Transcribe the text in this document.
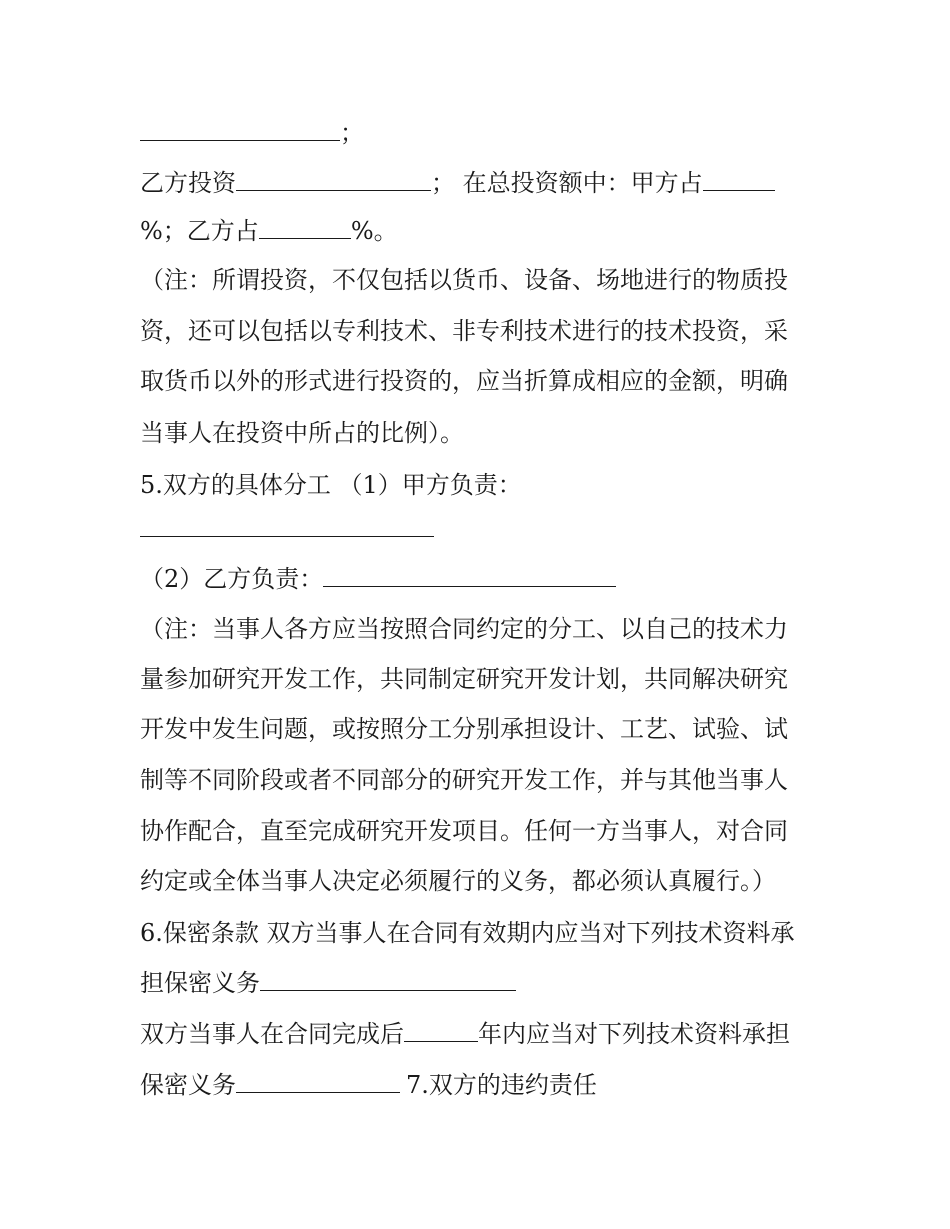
；
乙方投资	； 在总投资额中：甲方占
%；乙方占	%。
（注：所谓投资，不仅包括以货币、设备、场地进行的物质投
资，还可以包括以专利技术、非专利技术进行的技术投资，采
取货币以外的形式进行投资的，应当折算成相应的金额，明确
当事人在投资中所占的比例）。
5.双方的具体分工 （1）甲方负责：
（2）乙方负责：
（注：当事人各方应当按照合同约定的分工、以自己的技术力
量参加研究开发工作，共同制定研究开发计划，共同解决研究
开发中发生问题，或按照分工分别承担设计、工艺、试验、试
制等不同阶段或者不同部分的研究开发工作，并与其他当事人
协作配合，直至完成研究开发项目。任何一方当事人，对合同
约定或全体当事人决定必须履行的义务，都必须认真履行。）
6.保密条款 双方当事人在合同有效期内应当对下列技术资料承
担保密义务
双方当事人在合同完成后	年内应当对下列技术资料承担
保密义务	7.双方的违约责任
